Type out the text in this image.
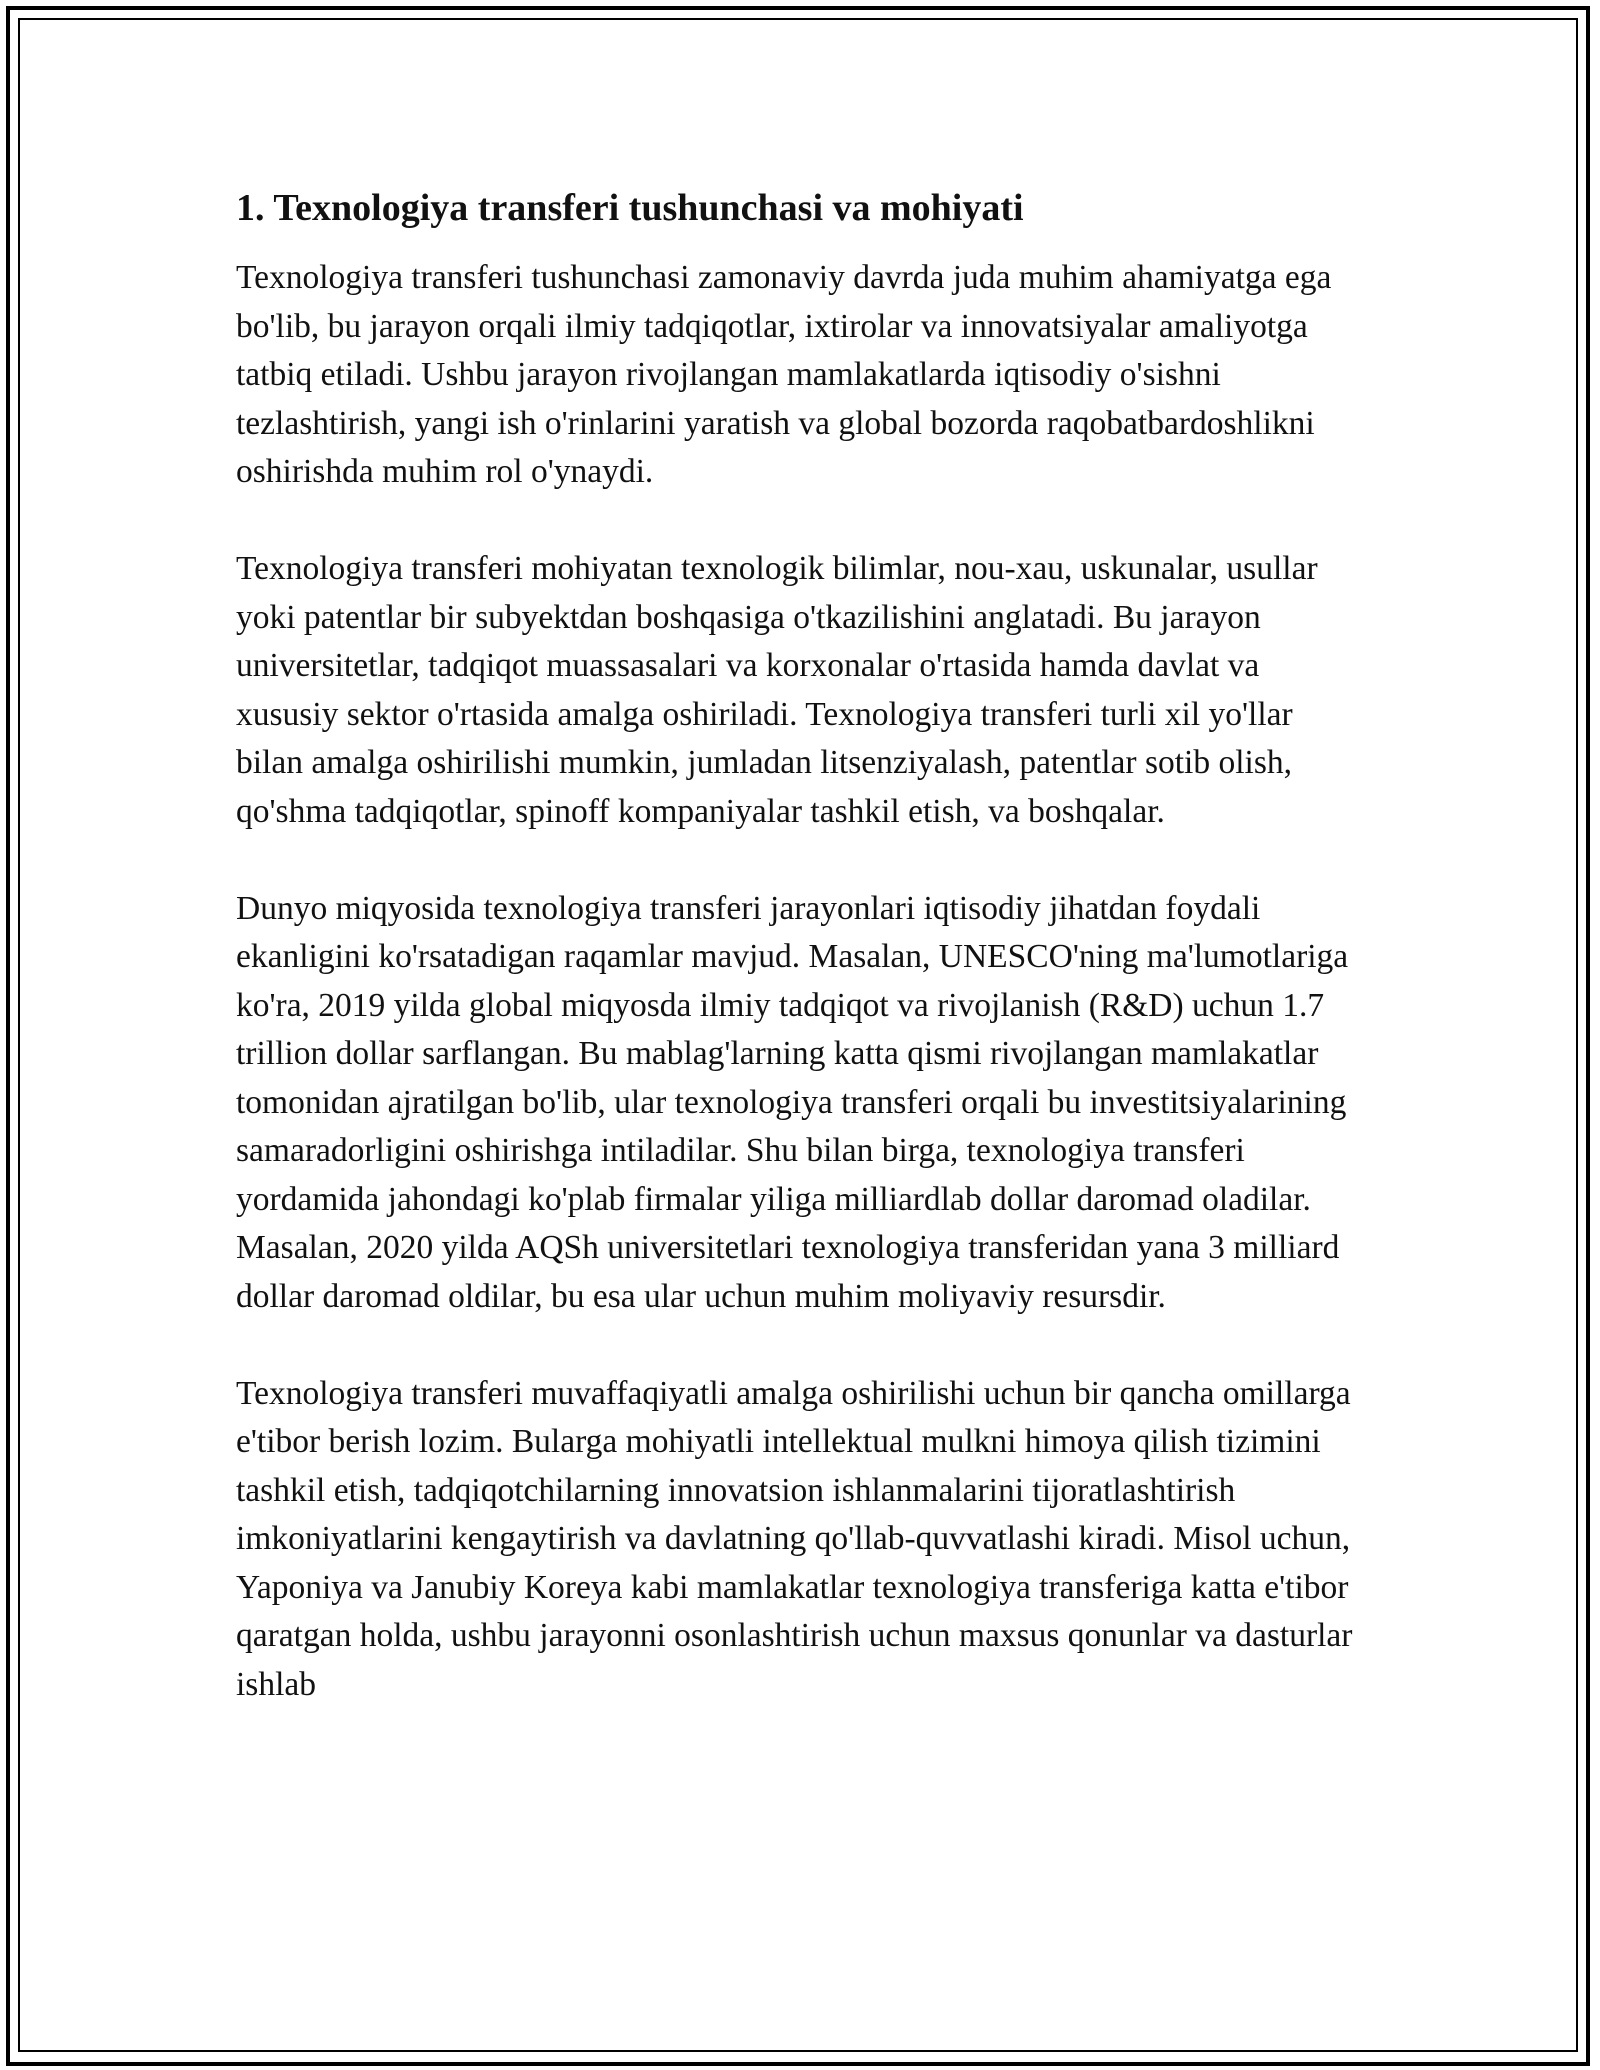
1. Texnologiya transferi tushunchasi va mohiyati

Texnologiya transferi tushunchasi zamonaviy davrda juda muhim ahamiyatga ega bo'lib, bu jarayon orqali ilmiy tadqiqotlar, ixtirolar va innovatsiyalar amaliyotga tatbiq etiladi. Ushbu jarayon rivojlangan mamlakatlarda iqtisodiy o'sishni tezlashtirish, yangi ish o'rinlarini yaratish va global bozorda raqobatbardoshlikni oshirishda muhim rol o'ynaydi.

Texnologiya transferi mohiyatan texnologik bilimlar, nou-xau, uskunalar, usullar yoki patentlar bir subyektdan boshqasiga o'tkazilishini anglatadi. Bu jarayon universitetlar, tadqiqot muassasalari va korxonalar o'rtasida hamda davlat va xususiy sektor o'rtasida amalga oshiriladi. Texnologiya transferi turli xil yo'llar bilan amalga oshirilishi mumkin, jumladan litsenziyalash, patentlar sotib olish, qo'shma tadqiqotlar, spinoff kompaniyalar tashkil etish, va boshqalar.

Dunyo miqyosida texnologiya transferi jarayonlari iqtisodiy jihatdan foydali ekanligini ko'rsatadigan raqamlar mavjud. Masalan, UNESCO'ning ma'lumotlariga ko'ra, 2019 yilda global miqyosda ilmiy tadqiqot va rivojlanish (R&D) uchun 1.7 trillion dollar sarflangan. Bu mablag'larning katta qismi rivojlangan mamlakatlar tomonidan ajratilgan bo'lib, ular texnologiya transferi orqali bu investitsiyalarining samaradorligini oshirishga intiladilar. Shu bilan birga, texnologiya transferi yordamida jahondagi ko'plab firmalar yiliga milliardlab dollar daromad oladilar. Masalan, 2020 yilda AQSh universitetlari texnologiya transferidan yana 3 milliard dollar daromad oldilar, bu esa ular uchun muhim moliyaviy resursdir.

Texnologiya transferi muvaffaqiyatli amalga oshirilishi uchun bir qancha omillarga e'tibor berish lozim. Bularga mohiyatli intellektual mulkni himoya qilish tizimini tashkil etish, tadqiqotchilarning innovatsion ishlanmalarini tijoratlashtirish imkoniyatlarini kengaytirish va davlatning qo'llab-quvvatlashi kiradi. Misol uchun, Yaponiya va Janubiy Koreya kabi mamlakatlar texnologiya transferiga katta e'tibor qaratgan holda, ushbu jarayonni osonlashtirish uchun maxsus qonunlar va dasturlar ishlab
